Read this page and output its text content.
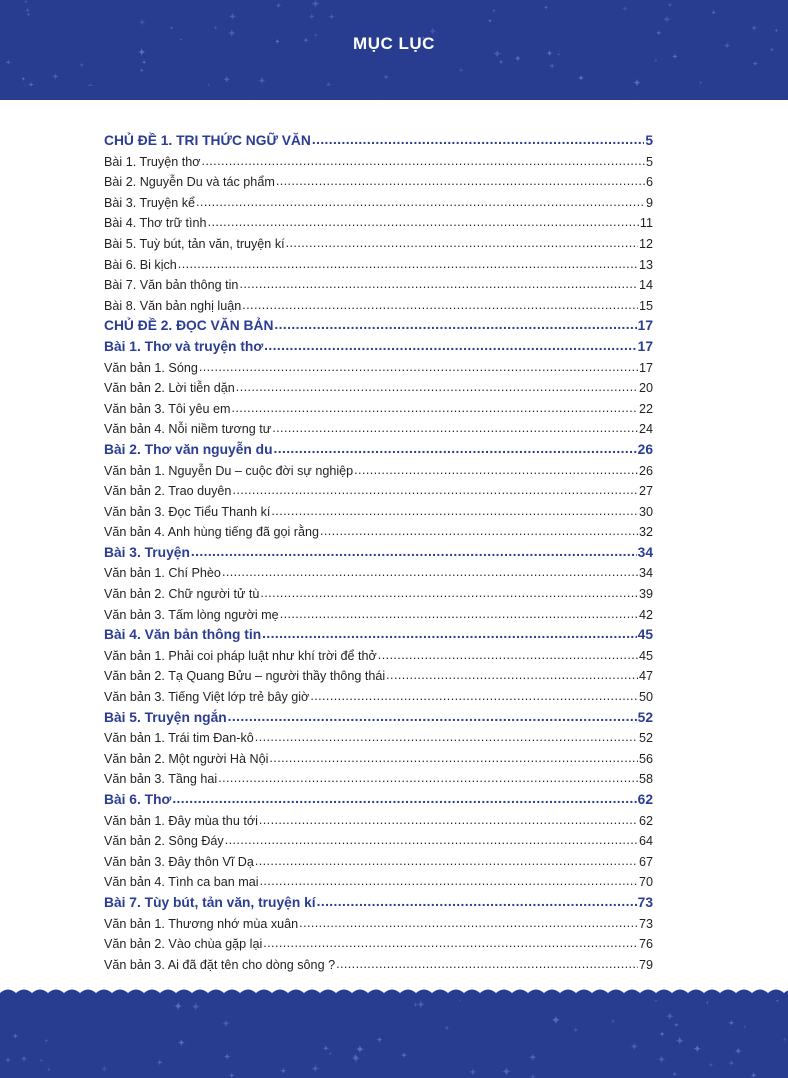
MỤC LỤC
CHỦ ĐỀ 1. TRI THỨC NGỮ VĂN .....	5
Bài 1. Truyện thơ .....	5
Bài 2. Nguyễn Du và tác phẩm .....	6
Bài 3. Truyện kể .....	9
Bài 4. Thơ trữ tình .....	11
Bài 5. Tuỳ bút, tản văn, truyện kí .....	12
Bài 6. Bi kịch .....	13
Bài 7. Văn bản thông tin .....	14
Bài 8. Văn bản nghị luận .....	15
CHỦ ĐỀ 2. ĐỌC VĂN BẢN .....	17
Bài 1. Thơ và truyện thơ .....	17
Văn bản 1. Sóng .....	17
Văn bản 2. Lời tiễn dặn .....	20
Văn bản 3. Tôi yêu em .....	22
Văn bản 4. Nỗi niềm tương tư .....	24
Bài 2. Thơ văn nguyễn du .....	26
Văn bản 1. Nguyễn Du – cuộc đời sự nghiệp .....	26
Văn bản 2. Trao duyên .....	27
Văn bản 3. Đọc Tiểu Thanh kí .....	30
Văn bản 4. Anh hùng tiếng đã gọi rằng .....	32
Bài 3. Truyện .....	34
Văn bản 1. Chí Phèo .....	34
Văn bản 2. Chữ người tử tù .....	39
Văn bản 3. Tấm lòng người mẹ .....	42
Bài 4. Văn bản thông tin .....	45
Văn bản 1. Phải coi pháp luật như khí trời để thở .....	45
Văn bản 2. Tạ Quang Bửu – người thầy thông thái .....	47
Văn bản 3. Tiếng Việt lớp trẻ bây giờ .....	50
Bài 5. Truyện ngắn .....	52
Văn bản 1. Trái tim Đan-kô .....	52
Văn bản 2. Một người Hà Nội .....	56
Văn bản 3. Tầng hai .....	58
Bài 6. Thơ .....	62
Văn bản 1. Đây mùa thu tới .....	62
Văn bản 2. Sông Đáy .....	64
Văn bản 3. Đây thôn Vĩ Dạ .....	67
Văn bản 4. Tình ca ban mai .....	70
Bài 7. Tùy bút, tản văn, truyện kí .....	73
Văn bản 1. Thương nhớ mùa xuân .....	73
Văn bản 2. Vào chùa gặp lại .....	76
Văn bản 3. Ai đã đặt tên cho dòng sông ? .....	79
